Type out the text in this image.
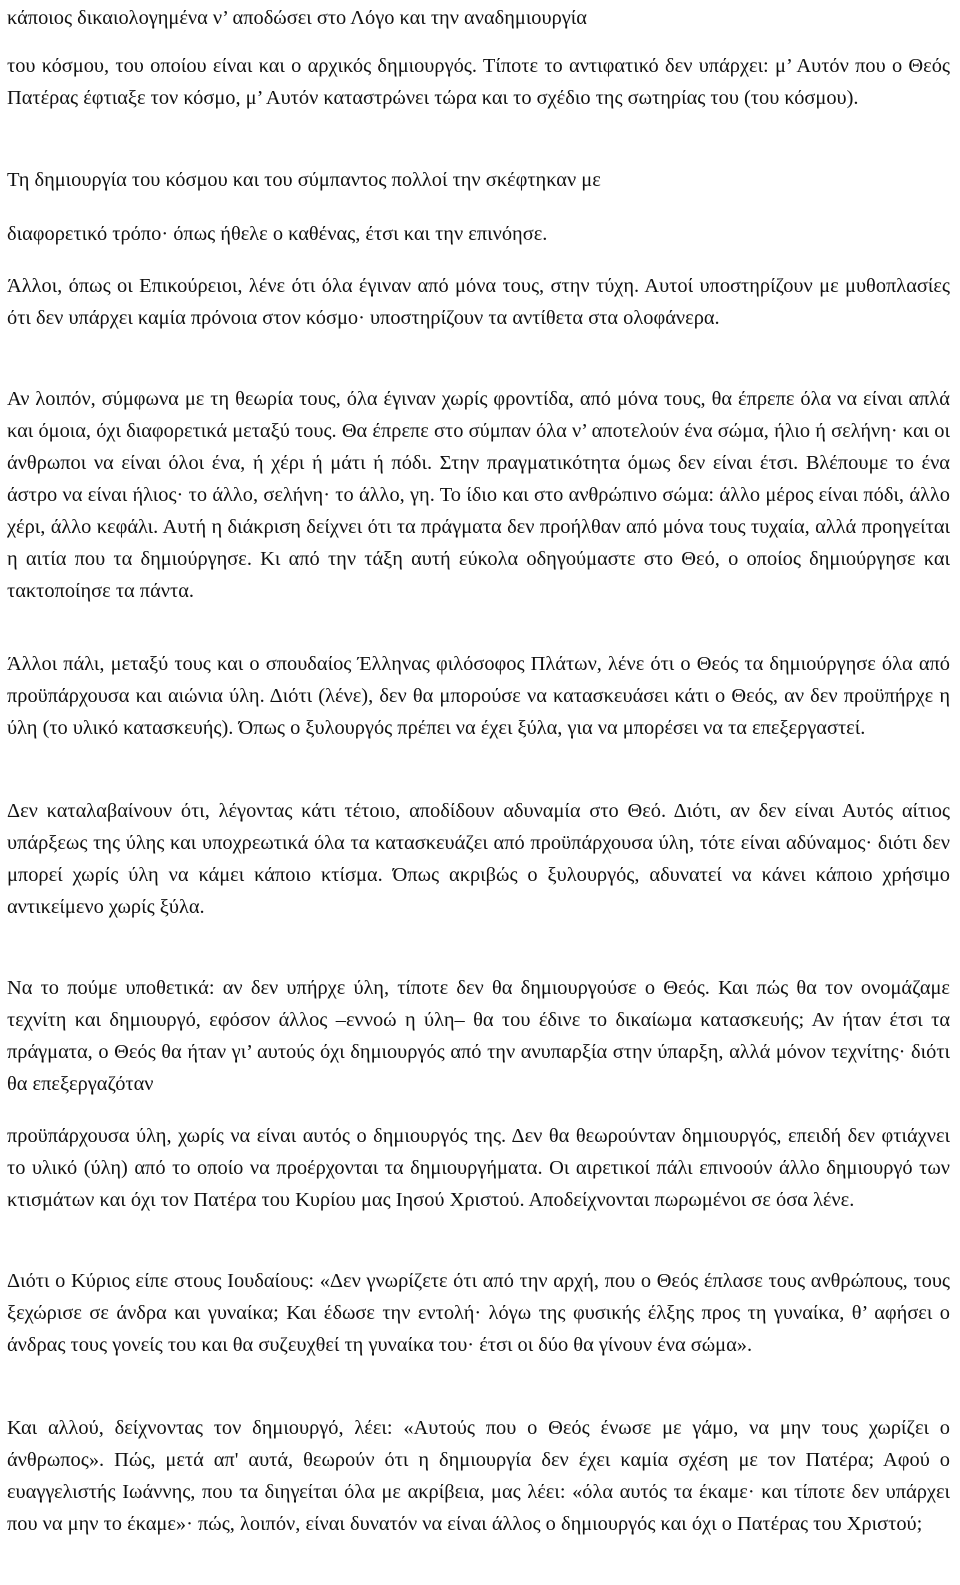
κάποιος δικαιολογημένα ν’ αποδώσει στο Λόγο και την αναδημιουργία

του κόσμου, του οποίου είναι και ο αρχικός δημιουργός. Τίποτε το αντιφατικό δεν υπάρχει: μ’ Αυτόν που ο Θεός Πατέρας έφτιαξε τον κόσμο, μ’ Αυτόν καταστρώνει τώρα και το σχέδιο της σωτηρίας του (του κόσμου).

Τη δημιουργία του κόσμου και του σύμπαντος πολλοί την σκέφτηκαν με

διαφορετικό τρόπο· όπως ήθελε ο καθένας, έτσι και την επινόησε.

Άλλοι, όπως οι Επικούρειοι, λένε ότι όλα έγιναν από μόνα τους, στην τύχη. Αυτοί υποστηρίζουν με μυθοπλασίες ότι δεν υπάρχει καμία πρόνοια στον κόσμο· υποστηρίζουν τα αντίθετα στα ολοφάνερα.

Αν λοιπόν, σύμφωνα με τη θεωρία τους, όλα έγιναν χωρίς φροντίδα, από μόνα τους, θα έπρεπε όλα να είναι απλά και όμοια, όχι διαφορετικά μεταξύ τους. Θα έπρεπε στο σύμπαν όλα ν’ αποτελούν ένα σώμα, ήλιο ή σελήνη· και οι άνθρωποι να είναι όλοι ένα, ή χέρι ή μάτι ή πόδι. Στην πραγματικότητα όμως δεν είναι έτσι. Βλέπουμε το ένα άστρο να είναι ήλιος· το άλλο, σελήνη· το άλλο, γη. Το ίδιο και στο ανθρώπινο σώμα: άλλο μέρος είναι πόδι, άλλο χέρι, άλλο κεφάλι. Αυτή η διάκριση δείχνει ότι τα πράγματα δεν προήλθαν από μόνα τους τυχαία, αλλά προηγείται η αιτία που τα δημιούργησε. Κι από την τάξη αυτή εύκολα οδηγούμαστε στο Θεό, ο οποίος δημιούργησε και τακτοποίησε τα πάντα.

Άλλοι πάλι, μεταξύ τους και ο σπουδαίος Έλληνας φιλόσοφος Πλάτων, λένε ότι ο Θεός τα δημιούργησε όλα από προϋπάρχουσα και αιώνια ύλη. Διότι (λένε), δεν θα μπορούσε να κατασκευάσει κάτι ο Θεός, αν δεν προϋπήρχε η ύλη (το υλικό κατασκευής). Όπως ο ξυλουργός πρέπει να έχει ξύλα, για να μπορέσει να τα επεξεργαστεί.

Δεν καταλαβαίνουν ότι, λέγοντας κάτι τέτοιο, αποδίδουν αδυναμία στο Θεό. Διότι, αν δεν είναι Αυτός αίτιος υπάρξεως της ύλης και υποχρεωτικά όλα τα κατασκευάζει από προϋπάρχουσα ύλη, τότε είναι αδύναμος· διότι δεν μπορεί χωρίς ύλη να κάμει κάποιο κτίσμα. Όπως ακριβώς ο ξυλουργός, αδυνατεί να κάνει κάποιο χρήσιμο αντικείμενο χωρίς ξύλα.

Να το πούμε υποθετικά: αν δεν υπήρχε ύλη, τίποτε δεν θα δημιουργούσε ο Θεός. Και πώς θα τον ονομάζαμε τεχνίτη και δημιουργό, εφόσον άλλος –εννοώ η ύλη– θα του έδινε το δικαίωμα κατασκευής; Αν ήταν έτσι τα πράγματα, ο Θεός θα ήταν γι’ αυτούς όχι δημιουργός από την ανυπαρξία στην ύπαρξη, αλλά μόνον τεχνίτης· διότι θα επεξεργαζόταν

προϋπάρχουσα ύλη, χωρίς να είναι αυτός ο δημιουργός της. Δεν θα θεωρούνταν δημιουργός, επειδή δεν φτιάχνει το υλικό (ύλη) από το οποίο να προέρχονται τα δημιουργήματα. Οι αιρετικοί πάλι επινοούν άλλο δημιουργό των κτισμάτων και όχι τον Πατέρα του Κυρίου μας Ιησού Χριστού. Αποδείχνονται πωρωμένοι σε όσα λένε.

Διότι ο Κύριος είπε στους Ιουδαίους: «Δεν γνωρίζετε ότι από την αρχή, που ο Θεός έπλασε τους ανθρώπους, τους ξεχώρισε σε άνδρα και γυναίκα; Και έδωσε την εντολή· λόγω της φυσικής έλξης προς τη γυναίκα, θ’ αφήσει ο άνδρας τους γονείς του και θα συζευχθεί τη γυναίκα του· έτσι οι δύο θα γίνουν ένα σώμα».

Και αλλού, δείχνοντας τον δημιουργό, λέει: «Αυτούς που ο Θεός ένωσε με γάμο, να μην τους χωρίζει ο άνθρωπος». Πώς, μετά απ' αυτά, θεωρούν ότι η δημιουργία δεν έχει καμία σχέση με τον Πατέρα; Αφού ο ευαγγελιστής Ιωάννης, που τα διηγείται όλα με ακρίβεια, μας λέει: «όλα αυτός τα έκαμε· και τίποτε δεν υπάρχει που να μην το έκαμε»· πώς, λοιπόν, είναι δυνατόν να είναι άλλος ο δημιουργός και όχι ο Πατέρας του Χριστού;
